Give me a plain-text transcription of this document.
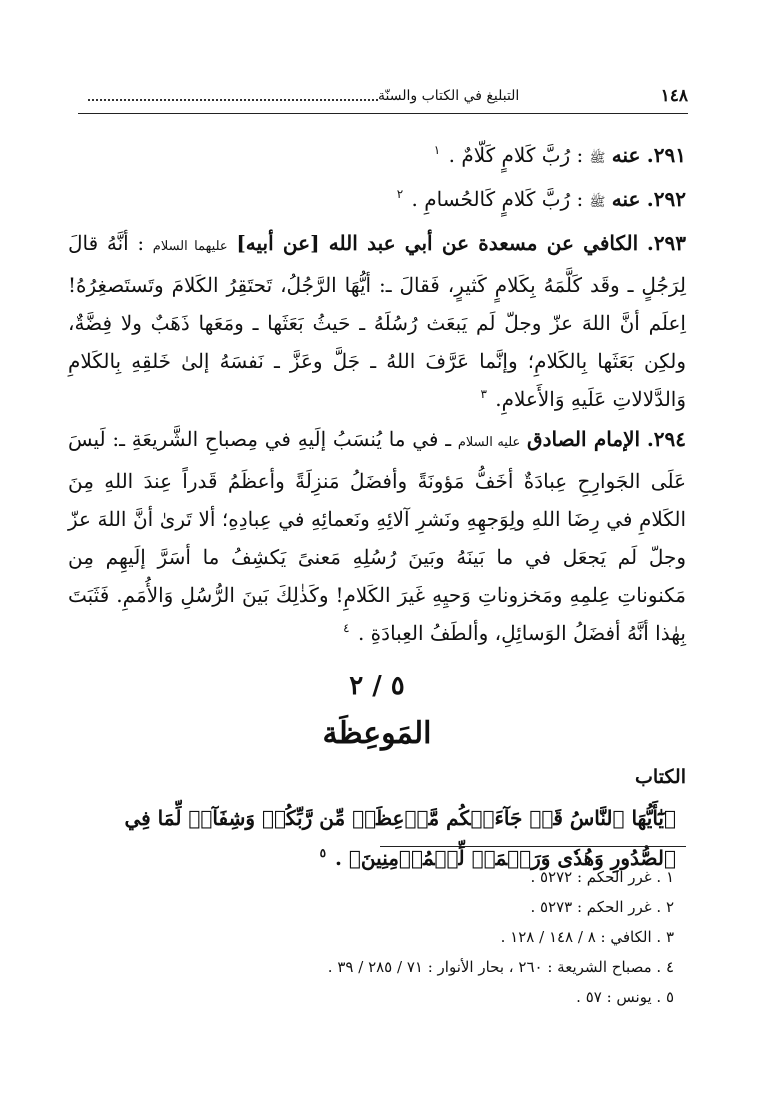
١٤٨
التبليغ في الكتاب والسنّة

٢٩١. عنه ﷺ : رُبَّ كَلامٍ كَلّامٌ . $^١$

٢٩٢. عنه ﷺ : رُبَّ كَلامٍ كَالحُسامِ . $^٢$

٢٩٣. الكافي عن مسعدة عن أبي عبد الله [عن أبيه] عليهما السلام : أنَّهُ قالَ لِرَجُلٍ ـ وقَد كَلَّمَهُ بِكَلامٍ كَثيرٍ، فَقالَ ـ: أيُّهَا الرَّجُلُ، تَحتَقِرُ الكَلامَ وتَستَصغِرُهُ! اِعلَم أنَّ اللهَ عزّ وجلّ لَم يَبعَث رُسُلَهُ ـ حَيثُ بَعَثَها ـ ومَعَها ذَهَبٌ ولا فِضَّةٌ، ولكِن بَعَثَها بِالكَلامِ؛ وإنَّما عَرَّفَ اللهُ ـ جَلَّ وعَزَّ ـ نَفسَهُ إلىٰ خَلقِهِ بِالكَلامِ وَالدَّلالاتِ عَلَيهِ وَالأَعلامِ. $^٣$

٢٩٤. الإمام الصادق عليه السلام ـ في ما يُنسَبُ إلَيهِ في مِصباحِ الشَّريعَةِ ـ: لَيسَ عَلَى الجَوارِحِ عِبادَةٌ أخَفُّ مَؤونَةً وأفضَلُ مَنزِلَةً وأعظَمُ قَدراً عِندَ اللهِ مِنَ الكَلامِ في رِضَا اللهِ ولِوَجهِهِ ونَشرِ آلائِهِ ونَعمائِهِ في عِبادِهِ؛ ألا تَرىٰ أنَّ اللهَ عزّ وجلّ لَم يَجعَل في ما بَينَهُ وبَينَ رُسُلِهِ مَعنىً يَكشِفُ ما أسَرَّ إلَيهِم مِن مَكنوناتِ عِلمِهِ ومَخزوناتِ وَحيِهِ غَيرَ الكَلامِ! وكَذٰلِكَ بَينَ الرُّسُلِ وَالأُمَمِ. فَثَبَتَ بِهٰذا أنَّهُ أفضَلُ الوَسائِلِ، وألطَفُ العِبادَةِ . $^٤$

٥ / ٢
المَوعِظَة
الكتاب
﴿يَٰٓأَيُّهَا ٱلنَّاسُ قَدۡ جَآءَتۡكُم مَّوۡعِظَةٞ مِّن رَّبِّكُمۡ وَشِفَآءٞ لِّمَا فِي ٱلصُّدُورِ وَهُدٗى وَرَحۡمَةٞ لِّلۡمُؤۡمِنِينَ﴾ . $^٥$
١ . غرر الحكم : ٥٢٧٢ .
٢ . غرر الحكم : ٥٢٧٣ .
٣ . الكافي : ٨ / ١٤٨ / ١٢٨ .
٤ . مصباح الشريعة : ٢٦٠ ، بحار الأنوار : ٧١ / ٢٨٥ / ٣٩ .
٥ . يونس : ٥٧ .
